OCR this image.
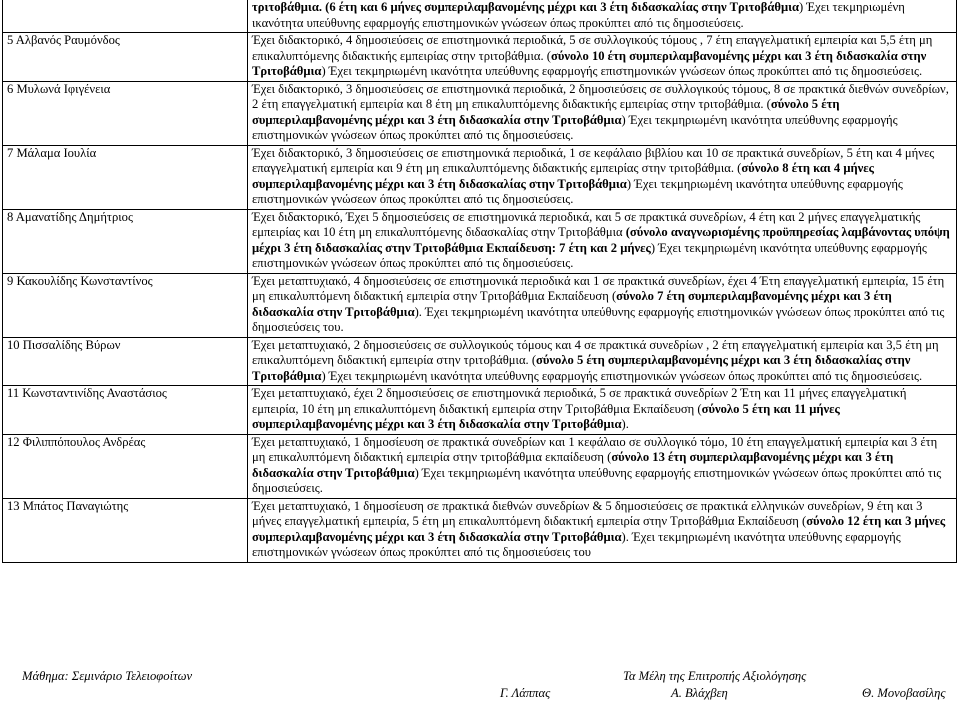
	τριτοβάθμια. (6 έτη και 6 μήνες συμπεριλαμβανομένης μέχρι και 3 έτη διδασκαλίας στην Τριτοβάθμια) Έχει τεκμηριωμένη ικανότητα υπεύθυνης εφαρμογής επιστημονικών γνώσεων όπως προκύπτει από τις δημοσιεύσεις.
5 Αλβανός Ραυμόνδος	Έχει διδακτορικό, 4 δημοσιεύσεις σε επιστημονικά περιοδικά, 5 σε συλλογικούς τόμους , 7 έτη επαγγελματική εμπειρία και 5,5 έτη μη επικαλυπτόμενης διδακτικής εμπειρίας στην τριτοβάθμια. (σύνολο 10 έτη συμπεριλαμβανομένης μέχρι και 3 έτη διδασκαλία στην Τριτοβάθμια) Έχει τεκμηριωμένη ικανότητα υπεύθυνης εφαρμογής επιστημονικών γνώσεων όπως προκύπτει από τις δημοσιεύσεις.
6 Μυλωνά Ιφιγένεια	Έχει διδακτορικό, 3 δημοσιεύσεις σε επιστημονικά περιοδικά, 2 δημοσιεύσεις σε συλλογικούς τόμους, 8 σε πρακτικά διεθνών συνεδρίων, 2 έτη επαγγελματική εμπειρία και 8 έτη μη επικαλυπτόμενης διδακτικής εμπειρίας στην τριτοβάθμια. (σύνολο 5 έτη συμπεριλαμβανομένης μέχρι και 3 έτη διδασκαλία στην Τριτοβάθμια) Έχει τεκμηριωμένη ικανότητα υπεύθυνης εφαρμογής επιστημονικών γνώσεων όπως προκύπτει από τις δημοσιεύσεις.
7 Μάλαμα Ιουλία	Έχει διδακτορικό, 3 δημοσιεύσεις σε επιστημονικά περιοδικά, 1 σε κεφάλαιο βιβλίου και 10 σε πρακτικά συνεδρίων, 5 έτη και 4 μήνες επαγγελματική εμπειρία και 9 έτη μη επικαλυπτόμενης διδακτικής εμπειρίας στην τριτοβάθμια. (σύνολο 8 έτη και 4 μήνες συμπεριλαμβανομένης μέχρι και 3 έτη διδασκαλίας στην Τριτοβάθμια) Έχει τεκμηριωμένη ικανότητα υπεύθυνης εφαρμογής επιστημονικών γνώσεων όπως προκύπτει από τις δημοσιεύσεις.
8 Αμανατίδης Δημήτριος	Έχει διδακτορικό, Έχει 5 δημοσιεύσεις σε επιστημονικά περιοδικά, και 5 σε πρακτικά συνεδρίων, 4 έτη και 2 μήνες επαγγελματικής εμπειρίας και 10 έτη μη επικαλυπτόμενης διδασκαλίας στην Τριτοβάθμια (σύνολο αναγνωρισμένης προϋπηρεσίας λαμβάνοντας υπόψη μέχρι 3 έτη διδασκαλίας στην Τριτοβάθμια Εκπαίδευση: 7 έτη και 2 μήνες) Έχει τεκμηριωμένη ικανότητα υπεύθυνης εφαρμογής επιστημονικών γνώσεων όπως προκύπτει από τις δημοσιεύσεις.
9 Κακουλίδης Κωνσταντίνος	Έχει μεταπτυχιακό, 4 δημοσιεύσεις σε επιστημονικά περιοδικά και 1 σε πρακτικά συνεδρίων, έχει 4 Έτη επαγγελματική εμπειρία, 15 έτη μη επικαλυπτόμενη διδακτική εμπειρία στην Τριτοβάθμια Εκπαίδευση (σύνολο 7 έτη συμπεριλαμβανομένης μέχρι και 3 έτη διδασκαλία στην Τριτοβάθμια). Έχει τεκμηριωμένη ικανότητα υπεύθυνης εφαρμογής επιστημονικών γνώσεων όπως προκύπτει από τις δημοσιεύσεις του.
10 Πισσαλίδης Βύρων	Έχει μεταπτυχιακό, 2 δημοσιεύσεις σε συλλογικούς τόμους και 4 σε πρακτικά συνεδρίων , 2 έτη επαγγελματική εμπειρία και 3,5 έτη μη επικαλυπτόμενη διδακτική εμπειρία στην τριτοβάθμια. (σύνολο 5 έτη συμπεριλαμβανομένης μέχρι και 3 έτη διδασκαλίας στην Τριτοβάθμια) Έχει τεκμηριωμένη ικανότητα υπεύθυνης εφαρμογής επιστημονικών γνώσεων όπως προκύπτει από τις δημοσιεύσεις.
11 Κωνσταντινίδης Αναστάσιος	Έχει μεταπτυχιακό, έχει 2 δημοσιεύσεις σε επιστημονικά περιοδικά, 5 σε πρακτικά συνεδρίων 2 Έτη και 11 μήνες επαγγελματική εμπειρία, 10 έτη μη επικαλυπτόμενη διδακτική εμπειρία στην Τριτοβάθμια Εκπαίδευση (σύνολο 5 έτη και 11 μήνες συμπεριλαμβανομένης μέχρι και 3 έτη διδασκαλία στην Τριτοβάθμια).
12 Φιλιππόπουλος Ανδρέας	Έχει μεταπτυχιακό, 1 δημοσίευση σε πρακτικά συνεδρίων και 1 κεφάλαιο σε συλλογικό τόμο, 10 έτη επαγγελματική εμπειρία και 3 έτη μη επικαλυπτόμενη διδακτική εμπειρία στην τριτοβάθμια εκπαίδευση (σύνολο 13 έτη συμπεριλαμβανομένης μέχρι και 3 έτη διδασκαλία στην Τριτοβάθμια) Έχει τεκμηριωμένη ικανότητα υπεύθυνης εφαρμογής επιστημονικών γνώσεων όπως προκύπτει από τις δημοσιεύσεις.
13 Μπάτος Παναγιώτης	Έχει μεταπτυχιακό, 1 δημοσίευση σε πρακτικά διεθνών συνεδρίων & 5 δημοσιεύσεις σε πρακτικά ελληνικών συνεδρίων, 9 έτη και 3 μήνες επαγγελματική εμπειρία, 5 έτη μη επικαλυπτόμενη διδακτική εμπειρία στην Τριτοβάθμια Εκπαίδευση (σύνολο 12 έτη και 3 μήνες συμπεριλαμβανομένης μέχρι και 3 έτη διδασκαλία στην Τριτοβάθμια). Έχει τεκμηριωμένη ικανότητα υπεύθυνης εφαρμογής επιστημονικών γνώσεων όπως προκύπτει από τις δημοσιεύσεις του
Μάθημα: Σεμινάριο Τελειοφοίτων	Τα Μέλη της Επιτροπής Αξιολόγησης
Γ. Λάππας	Α. Βλάχβεη	Θ. Μονοβασίλης
